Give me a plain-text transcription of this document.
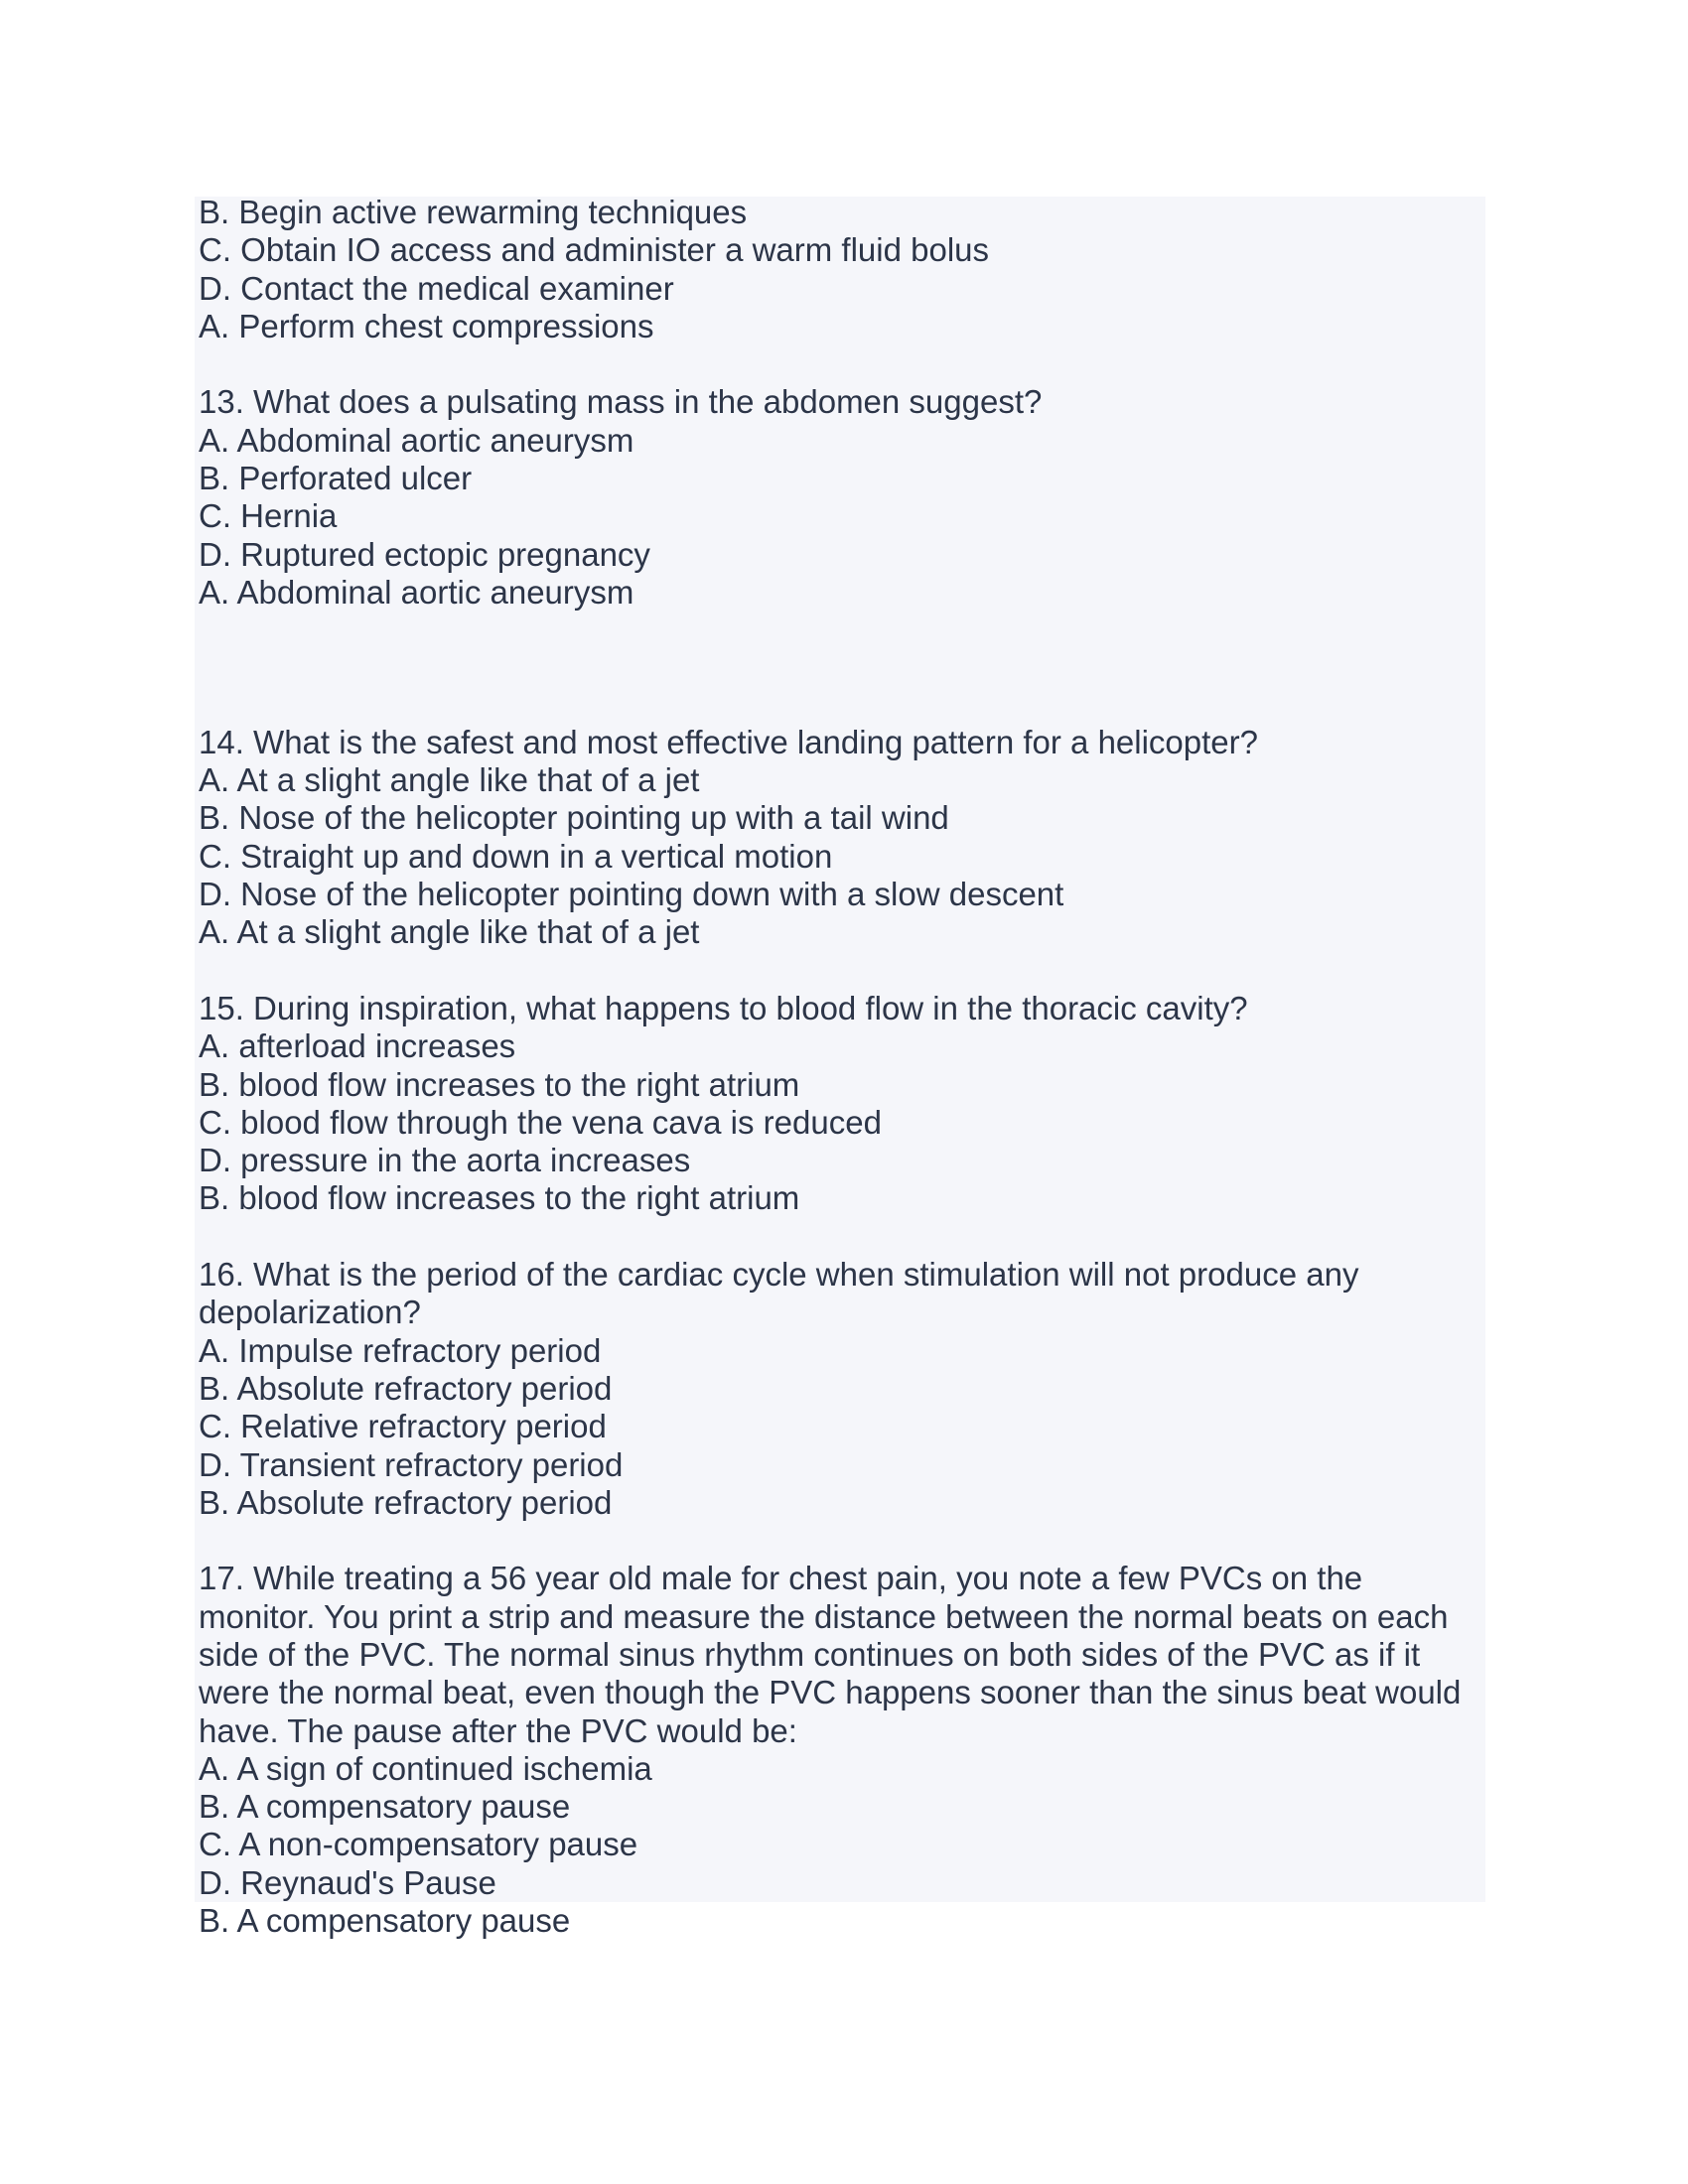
B. Begin active rewarming techniques
C. Obtain IO access and administer a warm fluid bolus
D. Contact the medical examiner
A. Perform chest compressions
13. What does a pulsating mass in the abdomen suggest?
A. Abdominal aortic aneurysm
B. Perforated ulcer
C. Hernia
D. Ruptured ectopic pregnancy
A. Abdominal aortic aneurysm
14. What is the safest and most effective landing pattern for a helicopter?
A. At a slight angle like that of a jet
B. Nose of the helicopter pointing up with a tail wind
C. Straight up and down in a vertical motion
D. Nose of the helicopter pointing down with a slow descent
A. At a slight angle like that of a jet
15. During inspiration, what happens to blood flow in the thoracic cavity?
A. afterload increases
B. blood flow increases to the right atrium
C. blood flow through the vena cava is reduced
D. pressure in the aorta increases
B. blood flow increases to the right atrium
16. What is the period of the cardiac cycle when stimulation will not produce any
depolarization?
A. Impulse refractory period
B. Absolute refractory period
C. Relative refractory period
D. Transient refractory period
B. Absolute refractory period
17. While treating a 56 year old male for chest pain, you note a few PVCs on the
monitor. You print a strip and measure the distance between the normal beats on each
side of the PVC. The normal sinus rhythm continues on both sides of the PVC as if it
were the normal beat, even though the PVC happens sooner than the sinus beat would
have. The pause after the PVC would be:
A. A sign of continued ischemia
B. A compensatory pause
C. A non-compensatory pause
D. Reynaud's Pause
B. A compensatory pause
